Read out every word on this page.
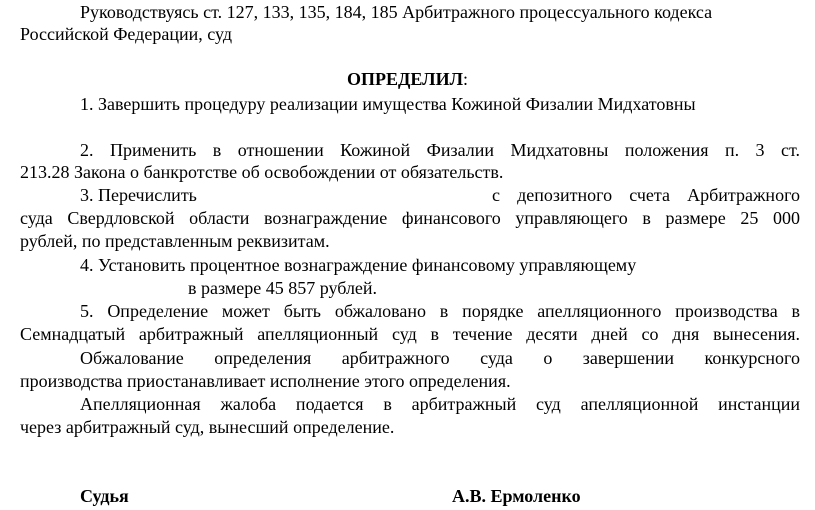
Руководствуясь ст. 127, 133, 135, 184, 185 Арбитражного процессуального кодекса
Российской Федерации, суд
ОПРЕДЕЛИЛ:
1. Завершить процедуру реализации имущества Кожиной Физалии Мидхатовны
2. Применить в отношении Кожиной Физалии Мидхатовны положения п. 3 ст.
213.28 Закона о банкротстве об освобождении от обязательств.
3. Перечислить	с депозитного счета Арбитражного
суда Свердловской области вознаграждение финансового управляющего в размере 25 000
рублей, по представленным реквизитам.
4. Установить процентное вознаграждение финансовому управляющему
в размере 45 857 рублей.
5. Определение может быть обжаловано в порядке апелляционного производства в
Семнадцатый арбитражный апелляционный суд в течение десяти дней со дня вынесения.
Обжалование определения арбитражного суда о завершении конкурсного
производства приостанавливает исполнение этого определения.
Апелляционная жалоба подается в арбитражный суд апелляционной инстанции
через арбитражный суд, вынесший определение.
Судья	А.В. Ермоленко
